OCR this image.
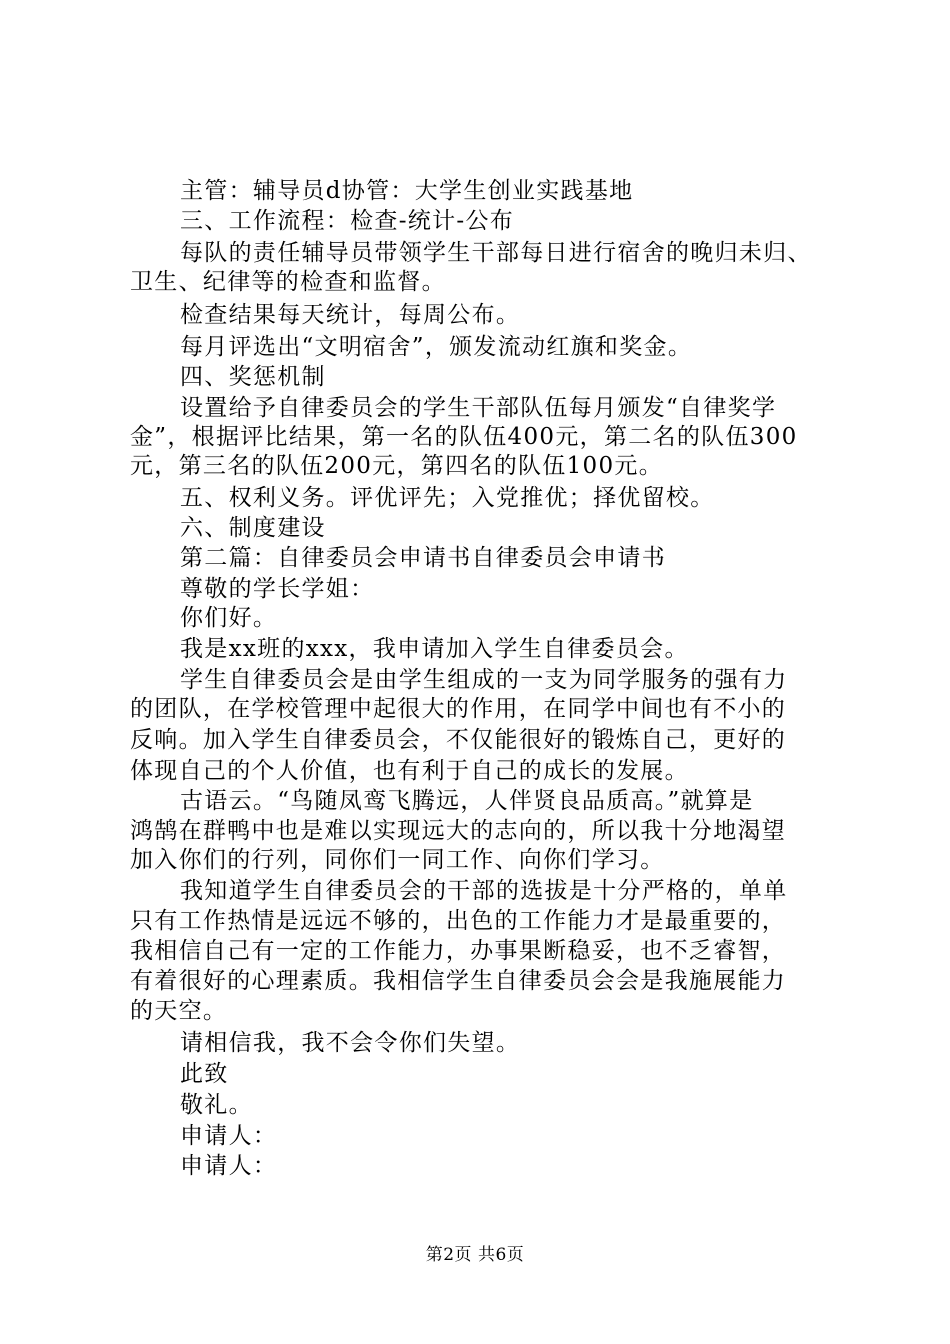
主管：辅导员d协管：大学生创业实践基地
三、工作流程：检查-统计-公布
每队的责任辅导员带领学生干部每日进行宿舍的晚归未归、
卫生、纪律等的检查和监督。
检查结果每天统计，每周公布。
每月评选出“文明宿舍”，颁发流动红旗和奖金。
四、奖惩机制
设置给予自律委员会的学生干部队伍每月颁发“自律奖学
金”，根据评比结果，第一名的队伍400元，第二名的队伍300
元，第三名的队伍200元，第四名的队伍100元。
五、权利义务。评优评先；入党推优；择优留校。
六、制度建设
第二篇：自律委员会申请书自律委员会申请书
尊敬的学长学姐：
你们好。
我是xx班的xxx，我申请加入学生自律委员会。
学生自律委员会是由学生组成的一支为同学服务的强有力
的团队，在学校管理中起很大的作用，在同学中间也有不小的
反响。加入学生自律委员会，不仅能很好的锻炼自己，更好的
体现自己的个人价值，也有利于自己的成长的发展。
古语云。“鸟随凤鸾飞腾远，人伴贤良品质高。”就算是
鸿鹄在群鸭中也是难以实现远大的志向的，所以我十分地渴望
加入你们的行列，同你们一同工作、向你们学习。
我知道学生自律委员会的干部的选拔是十分严格的，单单
只有工作热情是远远不够的，出色的工作能力才是最重要的，
我相信自己有一定的工作能力，办事果断稳妥，也不乏睿智，
有着很好的心理素质。我相信学生自律委员会会是我施展能力
的天空。
请相信我，我不会令你们失望。
此致
敬礼。
申请人：
申请人：
第2页 共6页
